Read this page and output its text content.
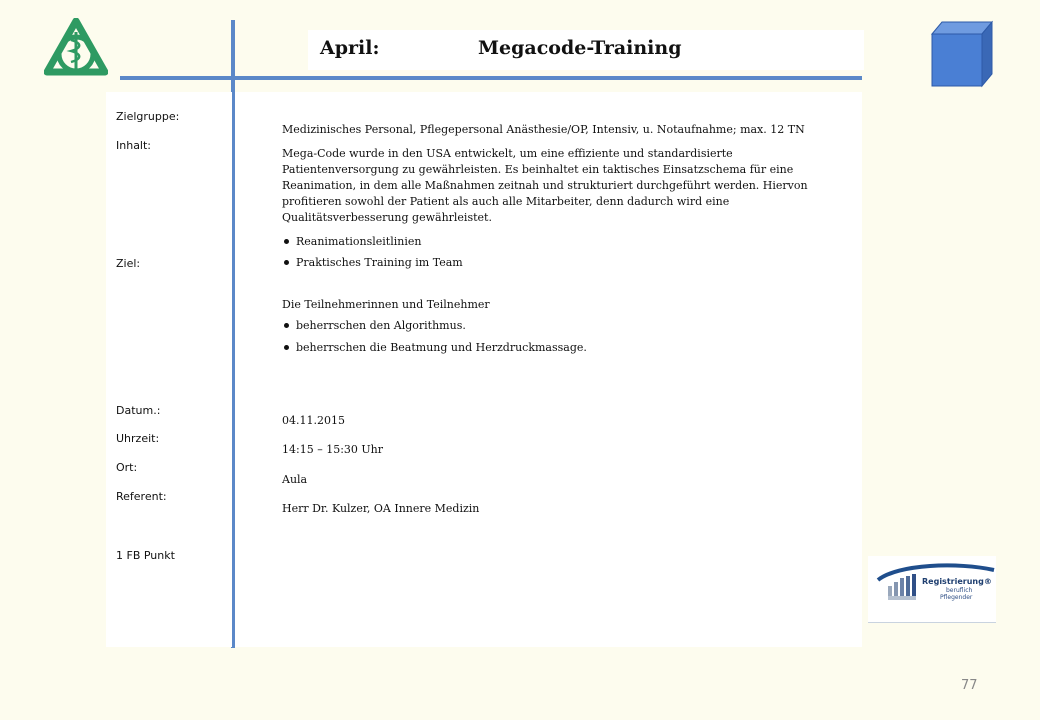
April:	Megacode-Training
Zielgruppe:
Inhalt:
Ziel:
Datum.:
Uhrzeit:
Ort:
Referent:
1 FB Punkt
Medizinisches Personal, Pflegepersonal Anästhesie/OP, Intensiv, u. Notaufnahme; max. 12 TN
Mega-Code wurde in den USA entwickelt, um eine effiziente und standardisierte Patientenversorgung zu gewährleisten. Es beinhaltet ein taktisches Einsatzschema für eine Reanimation, in dem alle Maßnahmen zeitnah und strukturiert durchgeführt werden. Hiervon profitieren sowohl der Patient als auch alle Mitarbeiter, denn dadurch wird eine Qualitätsverbesserung gewährleistet.
Reanimationsleitlinien
Praktisches Training im Team
Die Teilnehmerinnen und Teilnehmer
beherrschen den Algorithmus.
beherrschen die Beatmung und Herzdruckmassage.
04.11.2015
14:15 – 15:30 Uhr
Aula
Herr Dr. Kulzer, OA Innere Medizin
Registrierung®
beruflich
Pflegender
77
